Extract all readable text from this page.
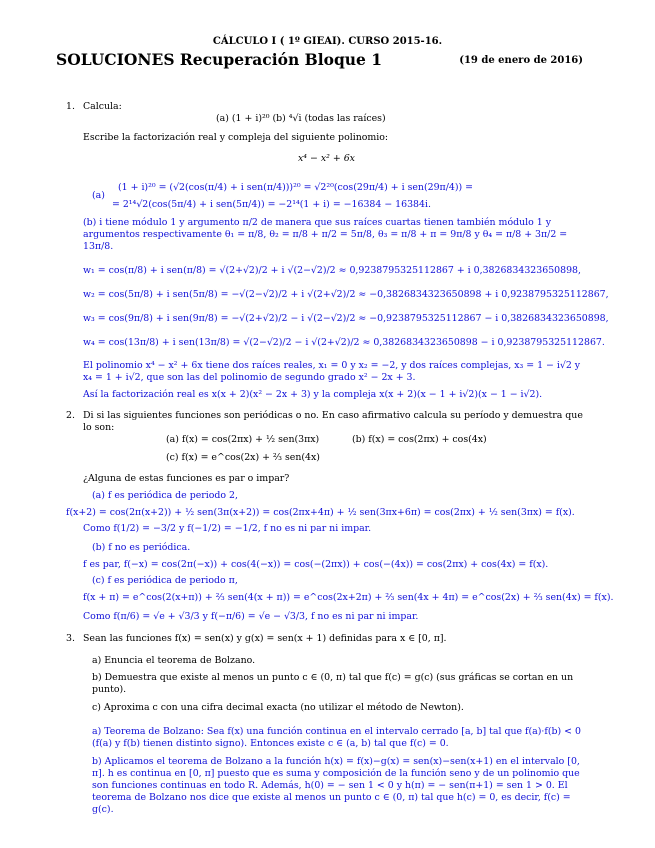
CÁLCULO I ( 1º GIEAI). CURSO 2015-16.
SOLUCIONES Recuperación Bloque 1	(19 de enero de 2016)
1. Calcula:
(a) (1 + i)²⁰ (b) ⁴√i (todas las raíces)
Escribe la factorización real y compleja del siguiente polinomio:
x⁴ − x² + 6x
(a)
(1 + i)²⁰ = (√2(cos(π/4) + i sen(π/4)))²⁰ = √2²⁰(cos(29π/4) + i sen(29π/4)) =
= 2¹⁴√2(cos(5π/4) + i sen(5π/4)) = −2¹⁴(1 + i) = −16384 − 16384i.
(b) i tiene módulo 1 y argumento π/2 de manera que sus raíces cuartas tienen también módulo 1 y argumentos respectivamente θ₁ = π/8, θ₂ = π/8 + π/2 = 5π/8, θ₃ = π/8 + π = 9π/8 y θ₄ = π/8 + 3π/2 = 13π/8.
w₁ = cos(π/8) + i sen(π/8) = √(2+√2)/2 + i √(2−√2)/2 ≈ 0,9238795325112867 + i 0,3826834323650898,
w₂ = cos(5π/8) + i sen(5π/8) = −√(2−√2)/2 + i √(2+√2)/2 ≈ −0,3826834323650898 + i 0,9238795325112867,
w₃ = cos(9π/8) + i sen(9π/8) = −√(2+√2)/2 − i √(2−√2)/2 ≈ −0,9238795325112867 − i 0,3826834323650898,
w₄ = cos(13π/8) + i sen(13π/8) = √(2−√2)/2 − i √(2+√2)/2 ≈ 0,3826834323650898 − i 0,9238795325112867.
El polinomio x⁴ − x² + 6x tiene dos raíces reales, x₁ = 0 y x₂ = −2, y dos raíces complejas, x₃ = 1 − i√2 y x₄ = 1 + i√2, que son las del polinomio de segundo grado x² − 2x + 3.
Así la factorización real es x(x + 2)(x² − 2x + 3) y la compleja x(x + 2)(x − 1 + i√2)(x − 1 − i√2).
2. Di si las siguientes funciones son periódicas o no. En caso afirmativo calcula su período y demuestra que lo son:
(a) f(x) = cos(2πx) + ½ sen(3πx)	(b) f(x) = cos(2πx) + cos(4x)
(c) f(x) = e^cos(2x) + ⅔ sen(4x)
¿Alguna de estas funciones es par o impar?
(a) f es periódica de periodo 2,
f(x+2) = cos(2π(x+2)) + ½ sen(3π(x+2)) = cos(2πx+4π) + ½ sen(3πx+6π) = cos(2πx) + ½ sen(3πx) = f(x).
Como f(1/2) = −3/2 y f(−1/2) = −1/2, f no es ni par ni impar.
(b) f no es periódica.
f es par, f(−x) = cos(2π(−x)) + cos(4(−x)) = cos(−(2πx)) + cos(−(4x)) = cos(2πx) + cos(4x) = f(x).
(c) f es periódica de periodo π,
f(x + π) = e^cos(2(x+π)) + ⅔ sen(4(x + π)) = e^cos(2x+2π) + ⅔ sen(4x + 4π) = e^cos(2x) + ⅔ sen(4x) = f(x).
Como f(π/6) = √e + √3/3 y f(−π/6) = √e − √3/3, f no es ni par ni impar.
3. Sean las funciones f(x) = sen(x) y g(x) = sen(x + 1) definidas para x ∈ [0, π].
a) Enuncia el teorema de Bolzano.
b) Demuestra que existe al menos un punto c ∈ (0, π) tal que f(c) = g(c) (sus gráficas se cortan en un punto).
c) Aproxima c con una cifra decimal exacta (no utilizar el método de Newton).
a) Teorema de Bolzano: Sea f(x) una función continua en el intervalo cerrado [a, b] tal que f(a)·f(b) < 0 (f(a) y f(b) tienen distinto signo). Entonces existe c ∈ (a, b) tal que f(c) = 0.
b) Aplicamos el teorema de Bolzano a la función h(x) = f(x)−g(x) = sen(x)−sen(x+1) en el intervalo [0, π]. h es continua en [0, π] puesto que es suma y composición de la función seno y de un polinomio que son funciones continuas en todo R. Además, h(0) = − sen 1 < 0 y h(π) = − sen(π+1) = sen 1 > 0. El teorema de Bolzano nos dice que existe al menos un punto c ∈ (0, π) tal que h(c) = 0, es decir, f(c) = g(c).
